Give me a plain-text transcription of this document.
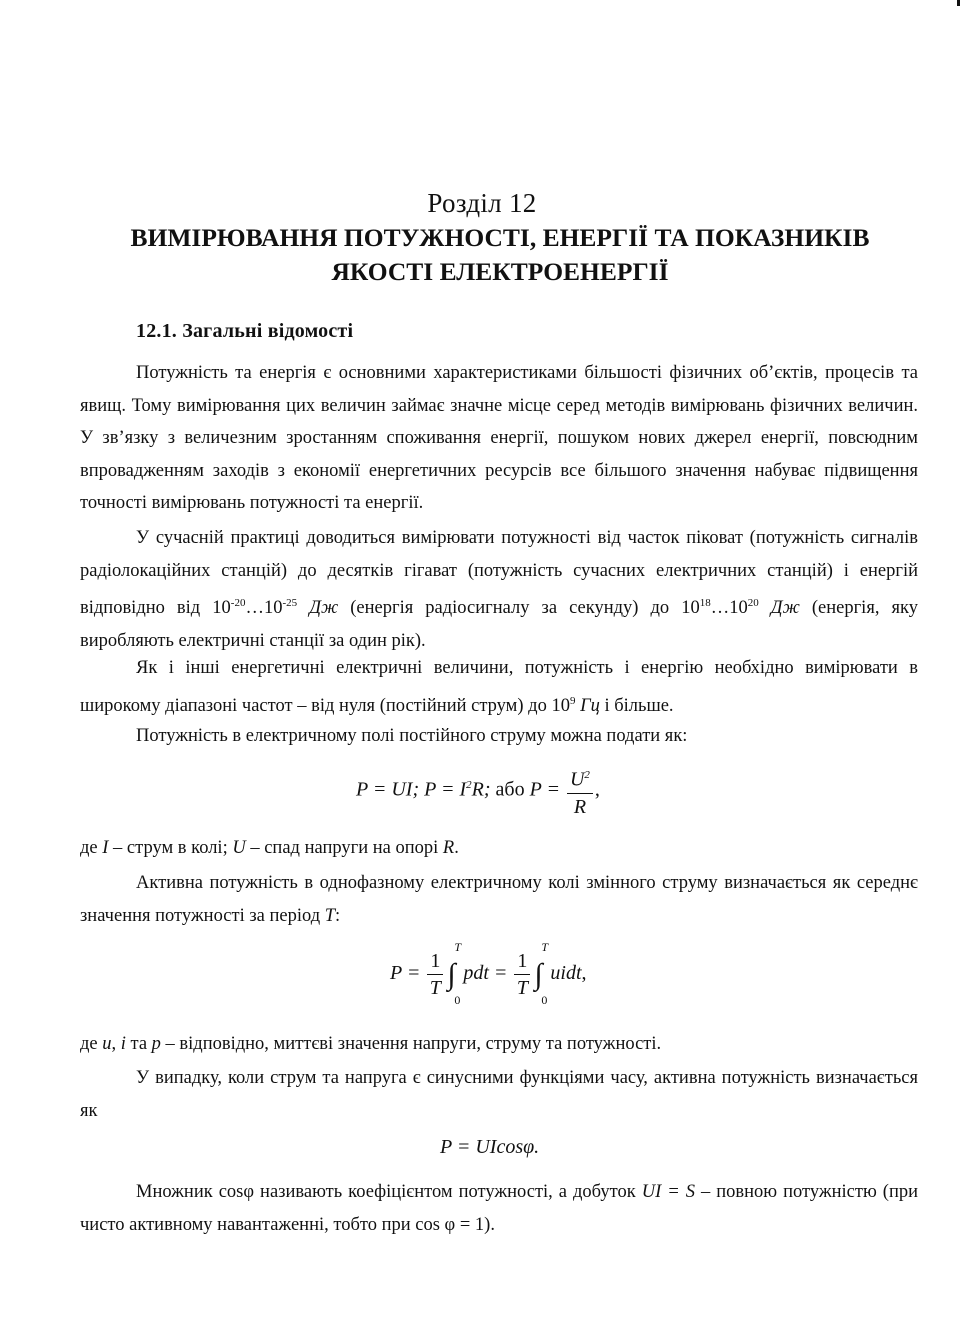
Розділ 12
ВИМІРЮВАННЯ ПОТУЖНОСТІ, ЕНЕРГІЇ ТА ПОКАЗНИКІВ
ЯКОСТІ ЕЛЕКТРОЕНЕРГІЇ
12.1. Загальні відомості
Потужність та енергія є основними характеристиками більшості фізичних об’єктів, процесів та явищ. Тому вимірювання цих величин займає значне місце серед методів вимірювань фізичних величин. У зв’язку з величезним зростанням споживання енергії, пошуком нових джерел енергії, повсюдним впровадженням заходів з економії енергетичних ресурсів все більшого значення набуває підвищення точності вимірювань потужності та енергії.
У сучасній практиці доводиться вимірювати потужності від часток піковат (потужність сигналів радіолокаційних станцій) до десятків гігават (потужність сучасних електричних станцій) і енергій відповідно від $10^{-20}\dots 10^{-25}$ Дж (енергія радіосигналу за секунду) до $10^{18}\dots 10^{20}$ Дж (енергія, яку виробляють електричні станції за один рік).
Як і інші енергетичні електричні величини, потужність і енергію необхідно вимірювати в широкому діапазоні частот – від нуля (постійний струм) до $10^9$ Гц і більше.
Потужність в електричному полі постійного струму можна подати як:
P = UI; $P = I^2R$; або $P = \frac{U^2}{R}$ ,
де I – струм в колі; U – спад напруги на опорі R.
Активна потужність в однофазному електричному колі змінного струму визначається як середнє значення потужності за період T:
$P = \frac{1}{T}$ ∫
T
0
pdt = $\frac{1}{T}$ ∫
T
0
uidt,
де u, i та p – відповідно, миттєві значення напруги, струму та потужності.
У випадку, коли струм та напруга є синусними функціями часу, активна потужність визначається як
P = UIcosφ.
Множник cosφ називають коефіцієнтом потужності, а добуток UI = S – повною потужністю (при чисто активному навантаженні, тобто при cos φ = 1).
